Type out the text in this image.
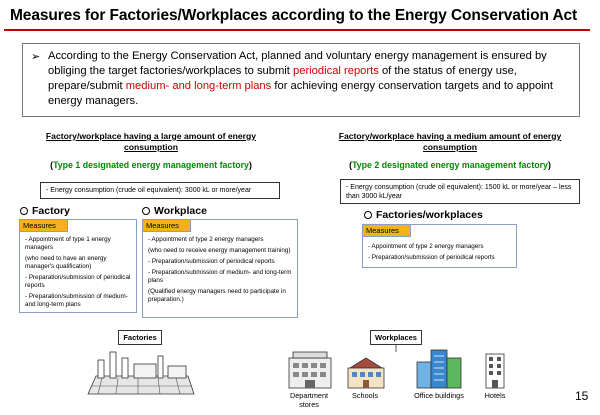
Measures for Factories/Workplaces according to the Energy Conservation Act
➢ According to the Energy Conservation Act, planned and voluntary energy management is ensured by obliging the target factories/workplaces to submit periodical reports of the status of energy use, prepare/submit medium- and long-term plans for achieving energy conservation targets and to appoint energy managers.
Factory/workplace having a large amount of energy consumption
(Type 1 designated energy management factory)
- Energy consumption (crude oil equivalent): 3000 kL or more/year
Factory	Workplace
Measures
- Appointment of type 1 energy managers
(who need to have an energy manager's qualification)
- Preparation/submission of periodical reports
- Preparation/submission of medium- and long-term plans
Measures
- Appointment of type 2 energy managers
(who need to receive energy management training)
- Preparation/submission of periodical reports
- Preparation/submission of medium- and long-term plans
(Qualified energy managers need to participate in preparation.)
Factory/workplace having a medium amount of energy consumption
(Type 2 designated energy management factory)
- Energy consumption (crude oil equivalent): 1500 kL or more/year – less than 3000 kL/year
Factories/workplaces
Measures
- Appointment of type 2 energy managers
- Preparation/submission of periodical reports
Factories	Workplaces
Department stores
Schools	Office buildings	Hotels	15
